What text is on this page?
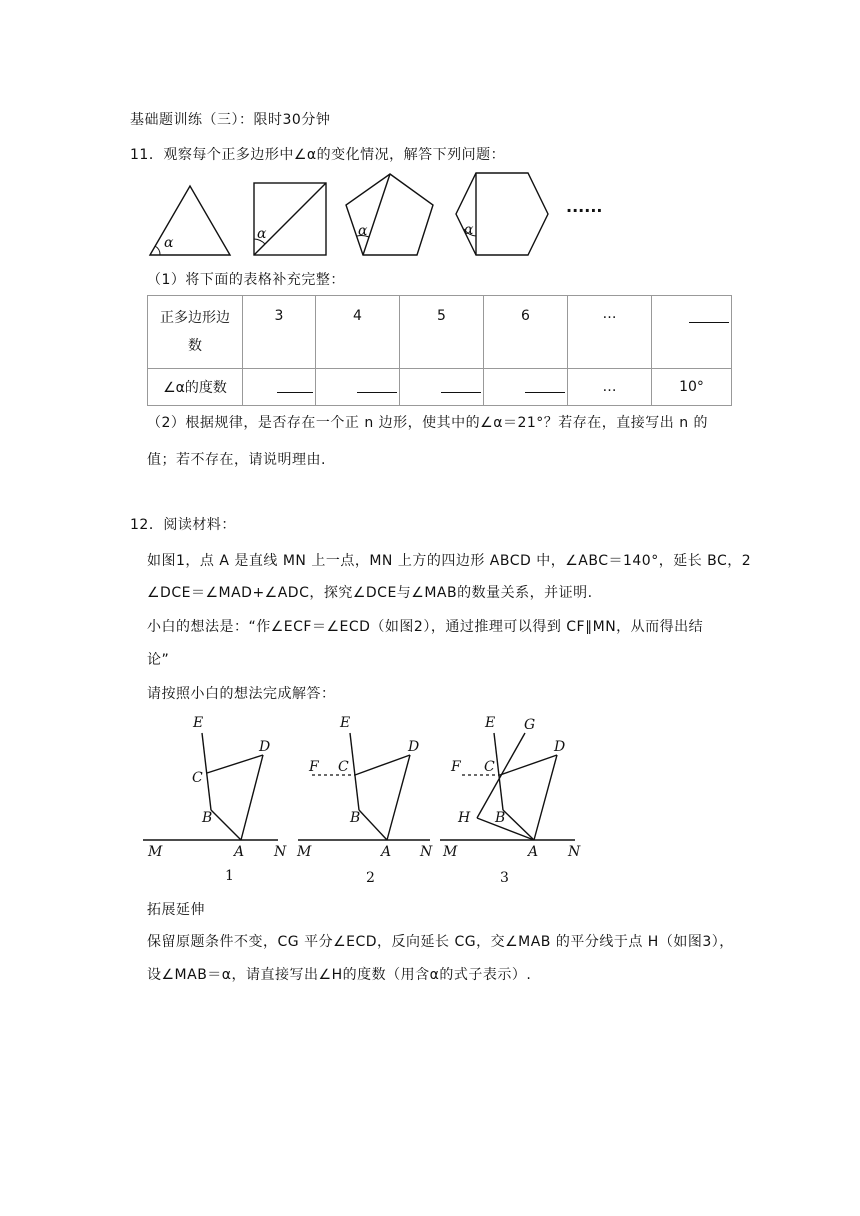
基础题训练（三）：限时30分钟
11．观察每个正多边形中∠α的变化情况，解答下列问题：
α
α	α	α
······
（1）将下面的表格补充完整：
正多边形边
数	3	4	5	6	…	
∠α的度数					…	10°
（2）根据规律，是否存在一个正 n 边形，使其中的∠α＝21°？若存在，直接写出 n 的
值；若不存在，请说明理由.
12．阅读材料：
如图1，点 A 是直线 MN 上一点，MN 上方的四边形 ABCD 中，∠ABC＝140°，延长 BC，2
∠DCE＝∠MAD+∠ADC，探究∠DCE与∠MAB的数量关系，并证明.
小白的想法是：“作∠ECF＝∠ECD（如图2），通过推理可以得到 CF∥MN，从而得出结
论”
请按照小白的想法完成解答：
E
D
C
B
A
M	N
1
E
D
C
F
B
A
M	N
2
E G
D
C
F
H B
A
M	N
3
拓展延伸
保留原题条件不变，CG 平分∠ECD，反向延长 CG，交∠MAB 的平分线于点 H（如图3），
设∠MAB＝α，请直接写出∠H的度数（用含α的式子表示）.
